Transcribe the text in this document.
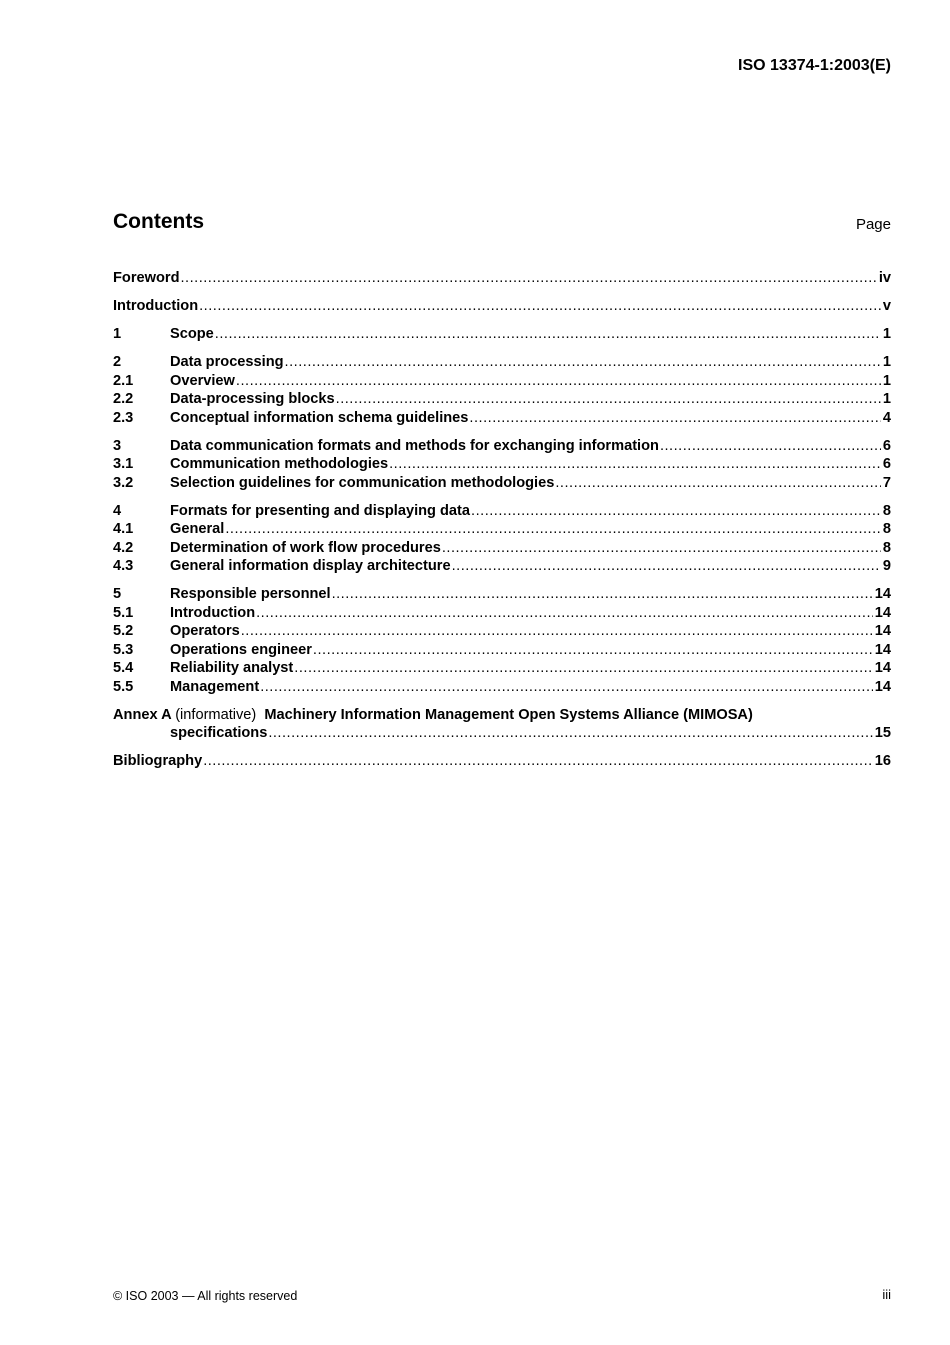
ISO 13374-1:2003(E)
Contents	Page
Foreword .....	iv
Introduction .....	v
1	Scope .....	1
2	Data processing .....	1
2.1	Overview .....	1
2.2	Data-processing blocks .....	1
2.3	Conceptual information schema guidelines .....	4
3	Data communication formats and methods for exchanging information .....	6
3.1	Communication methodologies .....	6
3.2	Selection guidelines for communication methodologies .....	7
4	Formats for presenting and displaying data .....	8
4.1	General .....	8
4.2	Determination of work flow procedures .....	8
4.3	General information display architecture .....	9
5	Responsible personnel .....	14
5.1	Introduction .....	14
5.2	Operators .....	14
5.3	Operations engineer .....	14
5.4	Reliability analyst .....	14
5.5	Management .....	14
Annex A (informative) Machinery Information Management Open Systems Alliance (MIMOSA)
specifications .....	15
Bibliography .....	16
© ISO 2003 — All rights reserved	iii
